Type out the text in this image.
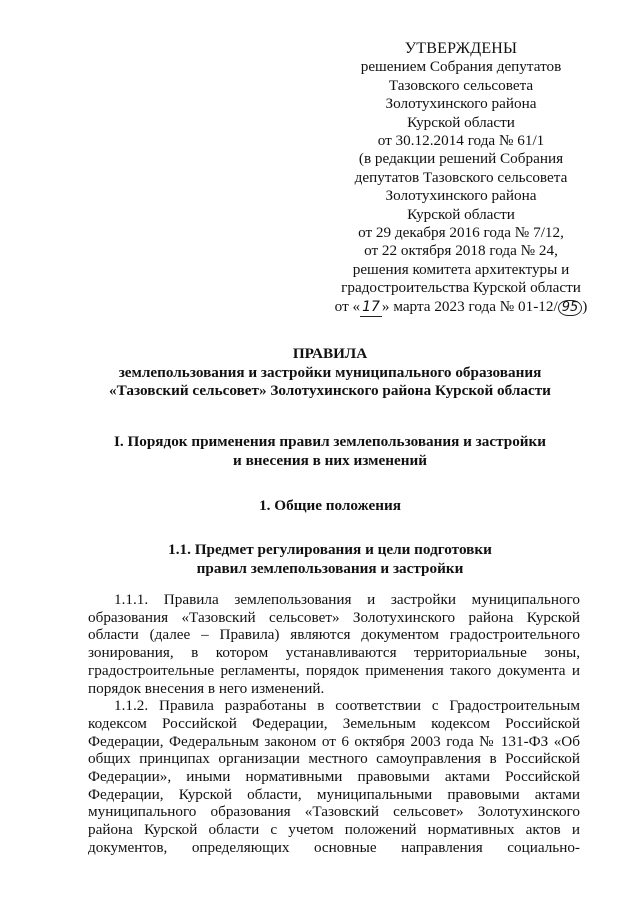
УТВЕРЖДЕНЫ
решением Собрания депутатов
Тазовского сельсовета
Золотухинского района
Курской области
от 30.12.2014 года № 61/1
(в редакции решений Собрания
депутатов Тазовского сельсовета
Золотухинского района
Курской области
от 29 декабря 2016 года № 7/12,
от 22 октября 2018 года № 24,
решения комитета архитектуры и
градостроительства Курской области
от « 17 » марта 2023 года № 01-12/ 95 )
ПРАВИЛА
землепользования и застройки муниципального образования
«Тазовский сельсовет» Золотухинского района Курской области
I. Порядок применения правил землепользования и застройки
и внесения в них изменений
1. Общие положения
1.1. Предмет регулирования и цели подготовки
правил землепользования и застройки
1.1.1. Правила землепользования и застройки муниципального
образования «Тазовский сельсовет» Золотухинского района Курской
области (далее – Правила) являются документом градостроительного
зонирования, в котором устанавливаются территориальные зоны,
градостроительные регламенты, порядок применения такого документа и
порядок внесения в него изменений.
1.1.2. Правила разработаны в соответствии с Градостроительным
кодексом Российской Федерации, Земельным кодексом Российской
Федерации, Федеральным законом от 6 октября 2003 года № 131-ФЗ «Об
общих принципах организации местного самоуправления в Российской
Федерации», иными нормативными правовыми актами Российской
Федерации, Курской области, муниципальными правовыми актами
муниципального образования «Тазовский сельсовет» Золотухинского
района Курской области с учетом положений нормативных актов и
документов, определяющих основные направления социально-
